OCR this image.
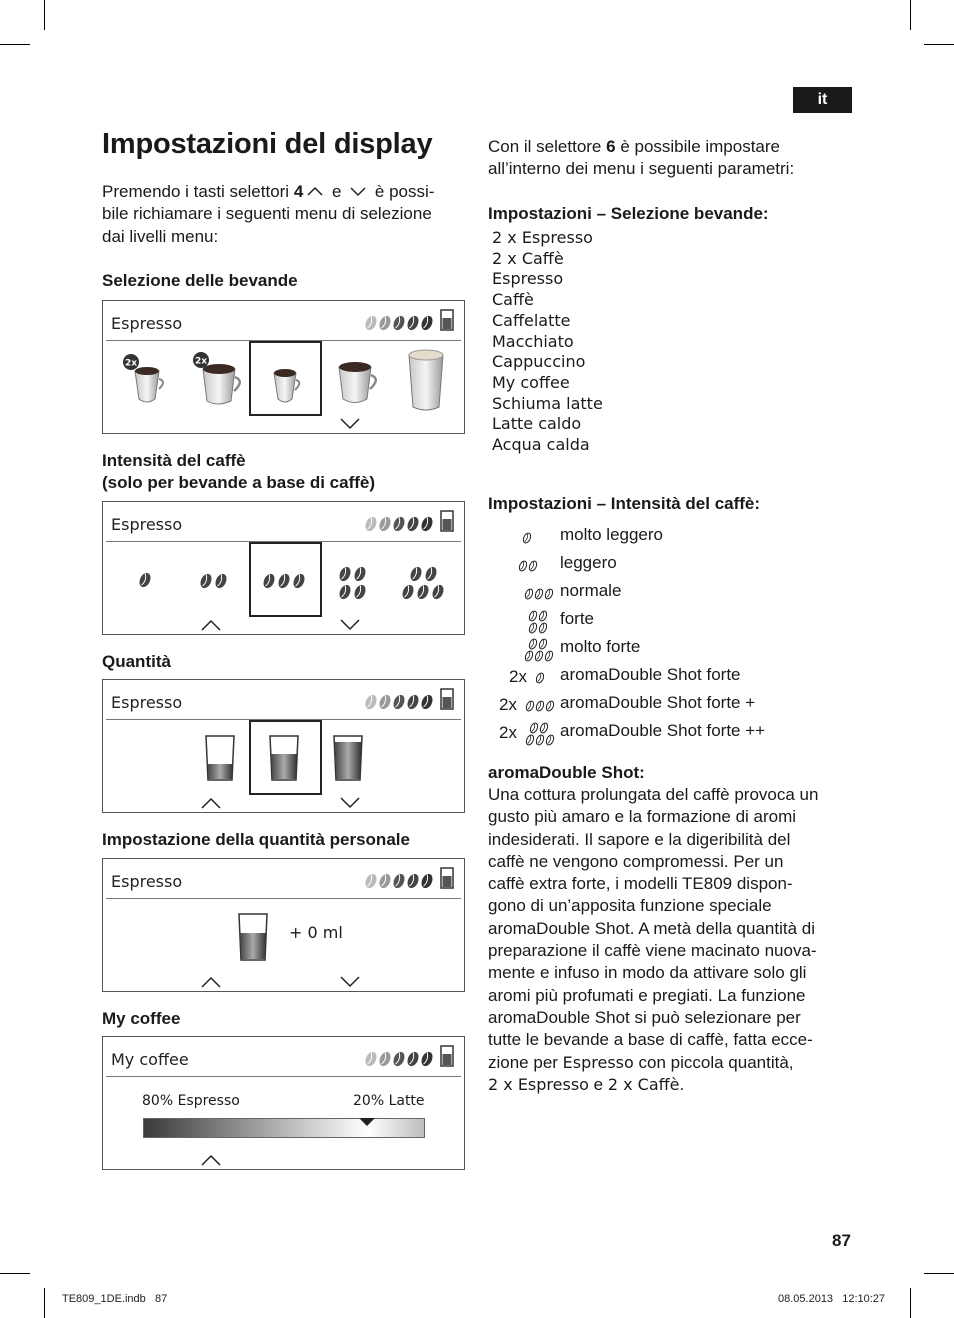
it
Impostazioni del display
Premendo i tasti selettori 4 e  è possi-
bile richiamare i seguenti menu di selezione
dai livelli menu:
Selezione delle bevande
Espresso
2x	2x
Intensità del caffè
(solo per bevande a base di caffè)
Espresso
Quantità
Espresso
Impostazione della quantità personale
Espresso
+ 0 ml
My coffee
My coffee
80% Espresso	20% Latte
Con il selettore 6 è possibile impostare
all’interno dei menu i seguenti parametri:
Impostazioni – Selezione bevande:
2 x Espresso
2 x Caffè
Espresso
Caffè
Caffelatte
Macchiato
Cappuccino
My coffee
Schiuma latte
Latte caldo
Acqua calda
Impostazioni – Intensità del caffè:
molto leggero
leggero
normale
forte
molto forte
2x aromaDouble Shot forte
2x	aromaDouble Shot forte +
2x	aromaDouble Shot forte ++
aromaDouble Shot:
Una cottura prolungata del caffè provoca un
gusto più amaro e la formazione di aromi
indesiderati. Il sapore e la digeribilità del
caffè ne vengono compromessi. Per un
caffè extra forte, i modelli TE809 dispon-
gono di un’apposita funzione speciale
aromaDouble Shot. A metà della quantità di
preparazione il caffè viene macinato nuova-
mente e infuso in modo da attivare solo gli
aromi più profumati e pregiati. La funzione
aromaDouble Shot si può selezionare per
tutte le bevande a base di caffè, fatta ecce-
zione per Espresso con piccola quantità,
2 x Espresso e 2 x Caffè.
87
TE809_1DE.indb   87	08.05.2013   12:10:27
